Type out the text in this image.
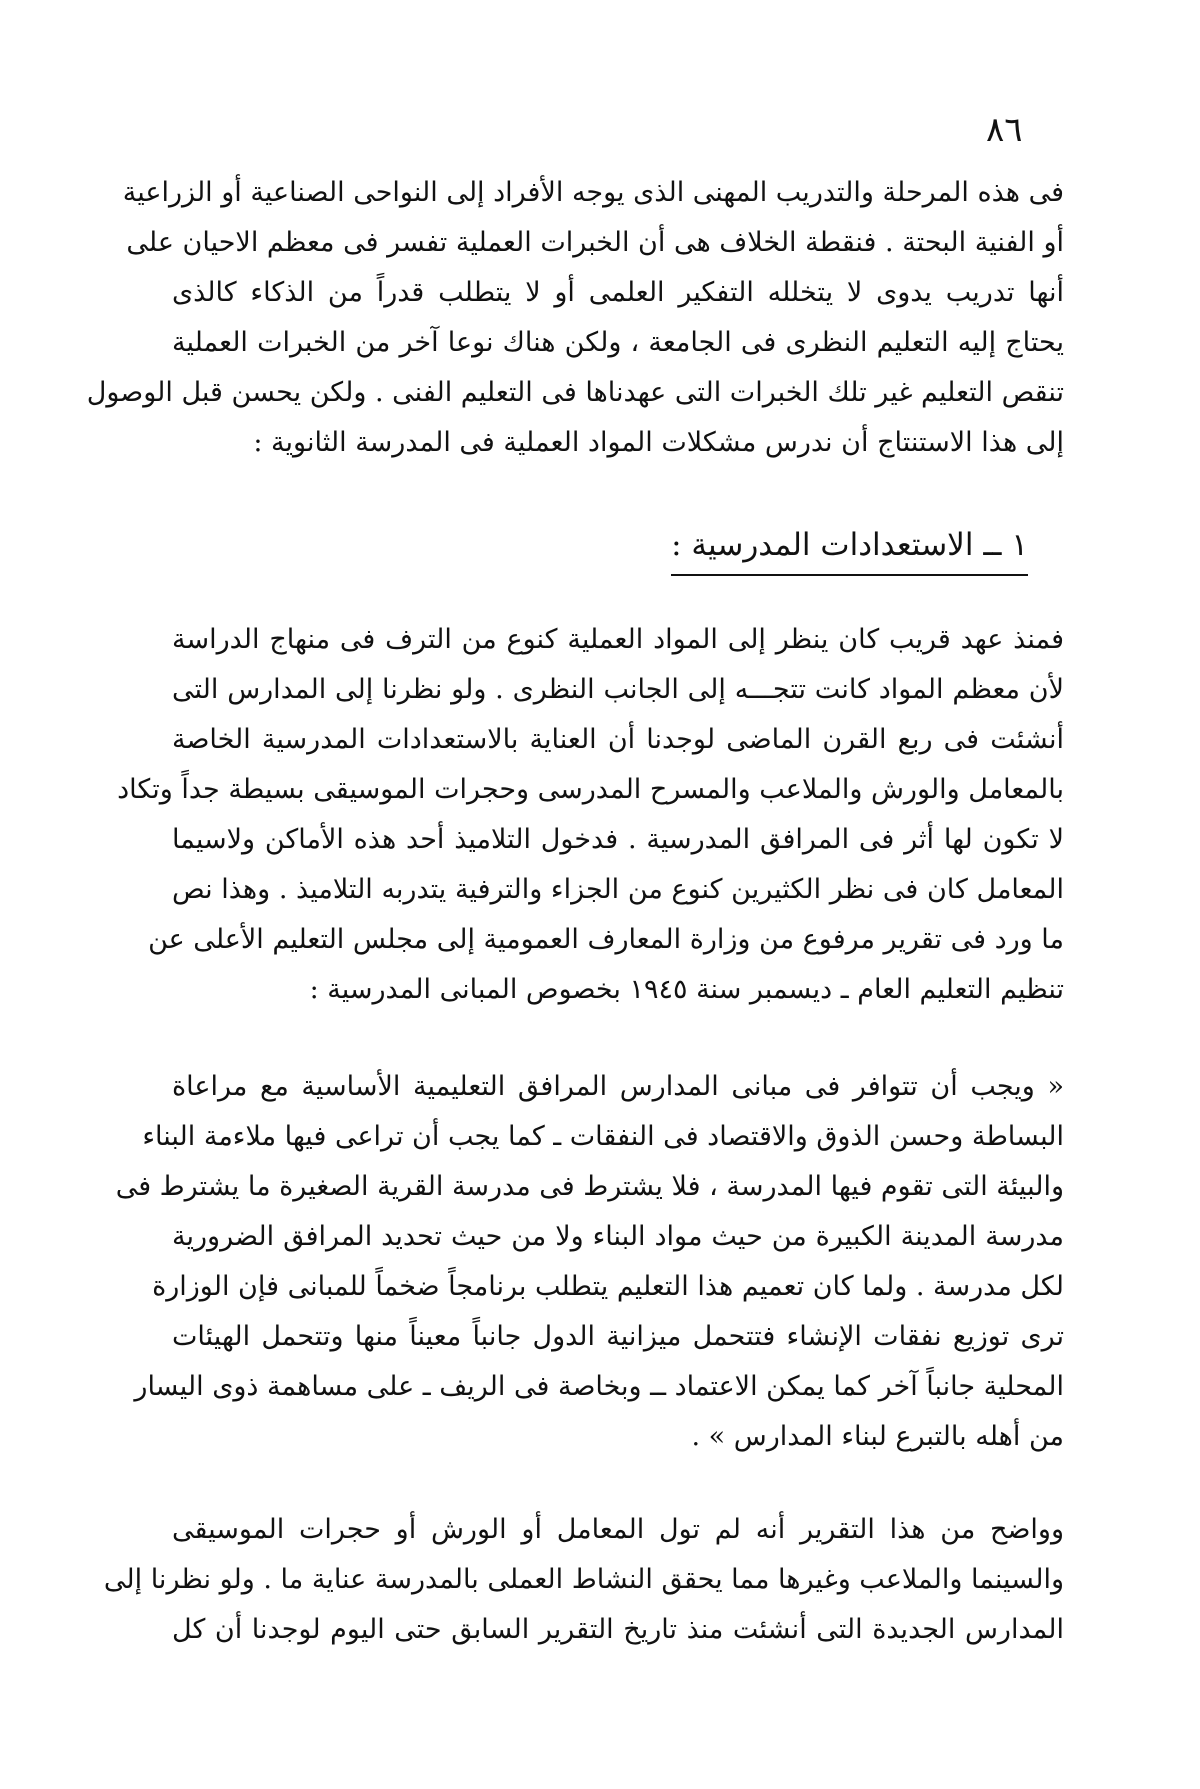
٨٦
فى هذه المرحلة والتدريب المهنى الذى يوجه الأفراد إلى النواحى الصناعية أو الزراعية
أو الفنية البحتة . فنقطة الخلاف هى أن الخبرات العملية تفسر فى معظم الاحيان على
أنها تدريب يدوى لا يتخلله التفكير العلمى أو لا يتطلب قدراً من الذكاء كالذى
يحتاج إليه التعليم النظرى فى الجامعة ، ولكن هناك نوعا آخر من الخبرات العملية
تنقص التعليم غير تلك الخبرات التى عهدناها فى التعليم الفنى . ولكن يحسن قبل الوصول
إلى هذا الاستنتاج أن ندرس مشكلات المواد العملية فى المدرسة الثانوية :
١ ــ الاستعدادات المدرسية :
فمنذ عهد قريب كان ينظر إلى المواد العملية كنوع من الترف فى منهاج الدراسة
لأن معظم المواد كانت تتجـــه إلى الجانب النظرى . ولو نظرنا إلى المدارس التى
أنشئت فى ربع القرن الماضى لوجدنا أن العناية بالاستعدادات المدرسية الخاصة
بالمعامل والورش والملاعب والمسرح المدرسى وحجرات الموسيقى بسيطة جداً وتكاد
لا تكون لها أثر فى المرافق المدرسية . فدخول التلاميذ أحد هذه الأماكن ولاسيما
المعامل كان فى نظر الكثيرين كنوع من الجزاء والترفية يتدربه التلاميذ . وهذا نص
ما ورد فى تقرير مرفوع من وزارة المعارف العمومية إلى مجلس التعليم الأعلى عن
تنظيم التعليم العام ـ ديسمبر سنة ١٩٤٥ بخصوص المبانى المدرسية :
« ويجب أن تتوافر فى مبانى المدارس المرافق التعليمية الأساسية مع مراعاة
البساطة وحسن الذوق والاقتصاد فى النفقات ـ كما يجب أن تراعى فيها ملاءمة البناء
والبيئة التى تقوم فيها المدرسة ، فلا يشترط فى مدرسة القرية الصغيرة ما يشترط فى
مدرسة المدينة الكبيرة من حيث مواد البناء ولا من حيث تحديد المرافق الضرورية
لكل مدرسة . ولما كان تعميم هذا التعليم يتطلب برنامجاً ضخماً للمبانى فإن الوزارة
ترى توزيع نفقات الإنشاء فتتحمل ميزانية الدول جانباً معيناً منها وتتحمل الهيئات
المحلية جانباً آخر كما يمكن الاعتماد ــ وبخاصة فى الريف ـ على مساهمة ذوى اليسار
من أهله بالتبرع لبناء المدارس » .
وواضح من هذا التقرير أنه لم تول المعامل أو الورش أو حجرات الموسيقى
والسينما والملاعب وغيرها مما يحقق النشاط العملى بالمدرسة عناية ما . ولو نظرنا إلى
المدارس الجديدة التى أنشئت منذ تاريخ التقرير السابق حتى اليوم لوجدنا أن كل
